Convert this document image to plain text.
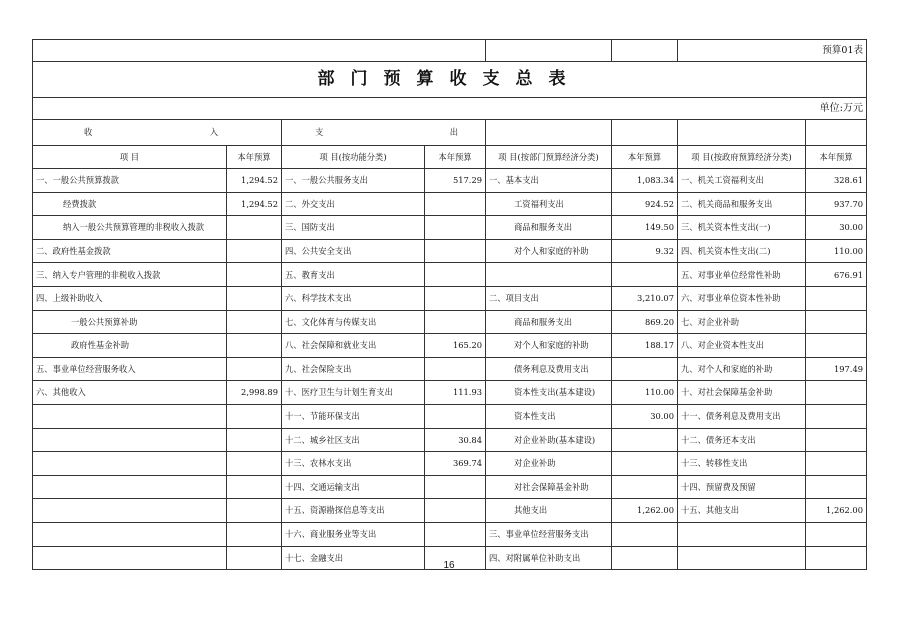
						预算01表	
部门预算收支总表							
单位:万元							

收 入		支 出					

项 目	本年预算	项 目(按功能分类)	本年预算	项 目(按部门预算经济分类)	本年预算	项 目(按政府预算经济分类)	本年预算
一、一般公共预算拨款	1,294.52	一、一般公共服务支出	517.29	一、基本支出	1,083.34	一、机关工资福利支出	328.61
经费拨款	1,294.52	二、外交支出		工资福利支出	924.52	二、机关商品和服务支出	937.70
纳入一般公共预算管理的非税收入拨款		三、国防支出		商品和服务支出	149.50	三、机关资本性支出(一)	30.00
二、政府性基金拨款		四、公共安全支出		对个人和家庭的补助	9.32	四、机关资本性支出(二)	110.00
三、纳入专户管理的非税收入拨款		五、教育支出				五、对事业单位经常性补助	676.91
四、上级补助收入		六、科学技术支出		二、项目支出	3,210.07	六、对事业单位资本性补助	
一般公共预算补助		七、文化体育与传媒支出		商品和服务支出	869.20	七、对企业补助	
政府性基金补助		八、社会保障和就业支出	165.20	对个人和家庭的补助	188.17	八、对企业资本性支出	
五、事业单位经营服务收入		九、社会保险支出		债务利息及费用支出		九、对个人和家庭的补助	197.49
六、其他收入	2,998.89	十、医疗卫生与计划生育支出	111.93	资本性支出(基本建设)	110.00	十、对社会保障基金补助	
		十一、节能环保支出		资本性支出	30.00	十一、债务利息及费用支出	
		十二、城乡社区支出	30.84	对企业补助(基本建设)		十二、债务还本支出	
		十三、农林水支出	369.74	对企业补助		十三、转移性支出	
		十四、交通运输支出		对社会保障基金补助		十四、预留费及预留	
		十五、资源勘探信息等支出		其他支出	1,262.00	十五、其他支出	1,262.00
		十六、商业服务业等支出		三、事业单位经营服务支出			
		十七、金融支出		四、对附属单位补助支出			
16
